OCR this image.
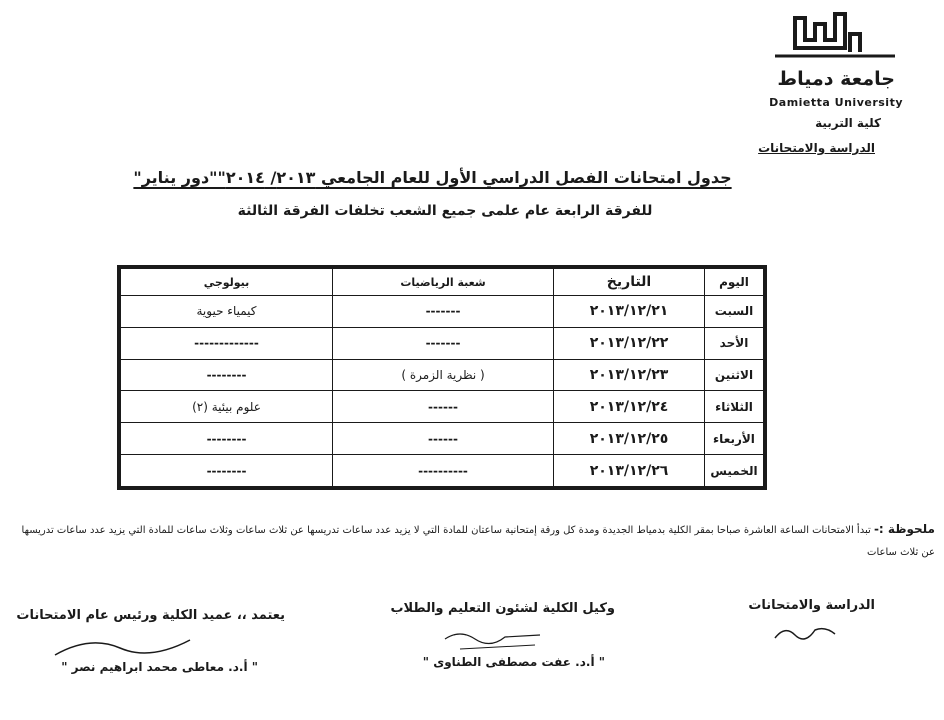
جامعة دمياط
Damietta University
كلية التربية
الدراسة والامتحانات
جدول امتحانات الفصل الدراسي الأول للعام الجامعي ٢٠١٣/ ٢٠١٤""دور يناير"
للفرقة الرابعة عام علمى جميع الشعب تخلفات الفرقة الثالثة
اليوم	التاريخ	شعبة الرياضيات	بيولوجي
السبت	٢٠١٣/١٢/٢١	-------	كيمياء حيوية
الأحد	٢٠١٣/١٢/٢٢	-------	-------------
الاثنين	٢٠١٣/١٢/٢٣	( نظرية الزمرة )	--------
الثلاثاء	٢٠١٣/١٢/٢٤	------	علوم بيئية (٢)
الأربعاء	٢٠١٣/١٢/٢٥	------	--------
الخميس	٢٠١٣/١٢/٢٦	----------	--------
ملحوظة :- تبدأ الامتحانات الساعة العاشرة صباحا بمقر الكلية بدمياط الجديدة ومدة كل ورقة إمتحانية ساعتان للمادة التي لا يزيد عدد ساعات تدريسها عن ثلاث ساعات وثلاث ساعات للمادة التي يزيد عدد ساعات تدريسها عن ثلاث ساعات
الدراسة والامتحانات
وكيل الكلية لشئون التعليم والطلاب
" أ.د. عفت مصطفى الطناوى "
يعتمد ،، عميد الكلية ورئيس عام الامتحانات
" أ.د. معاطى محمد ابراهيم نصر "
